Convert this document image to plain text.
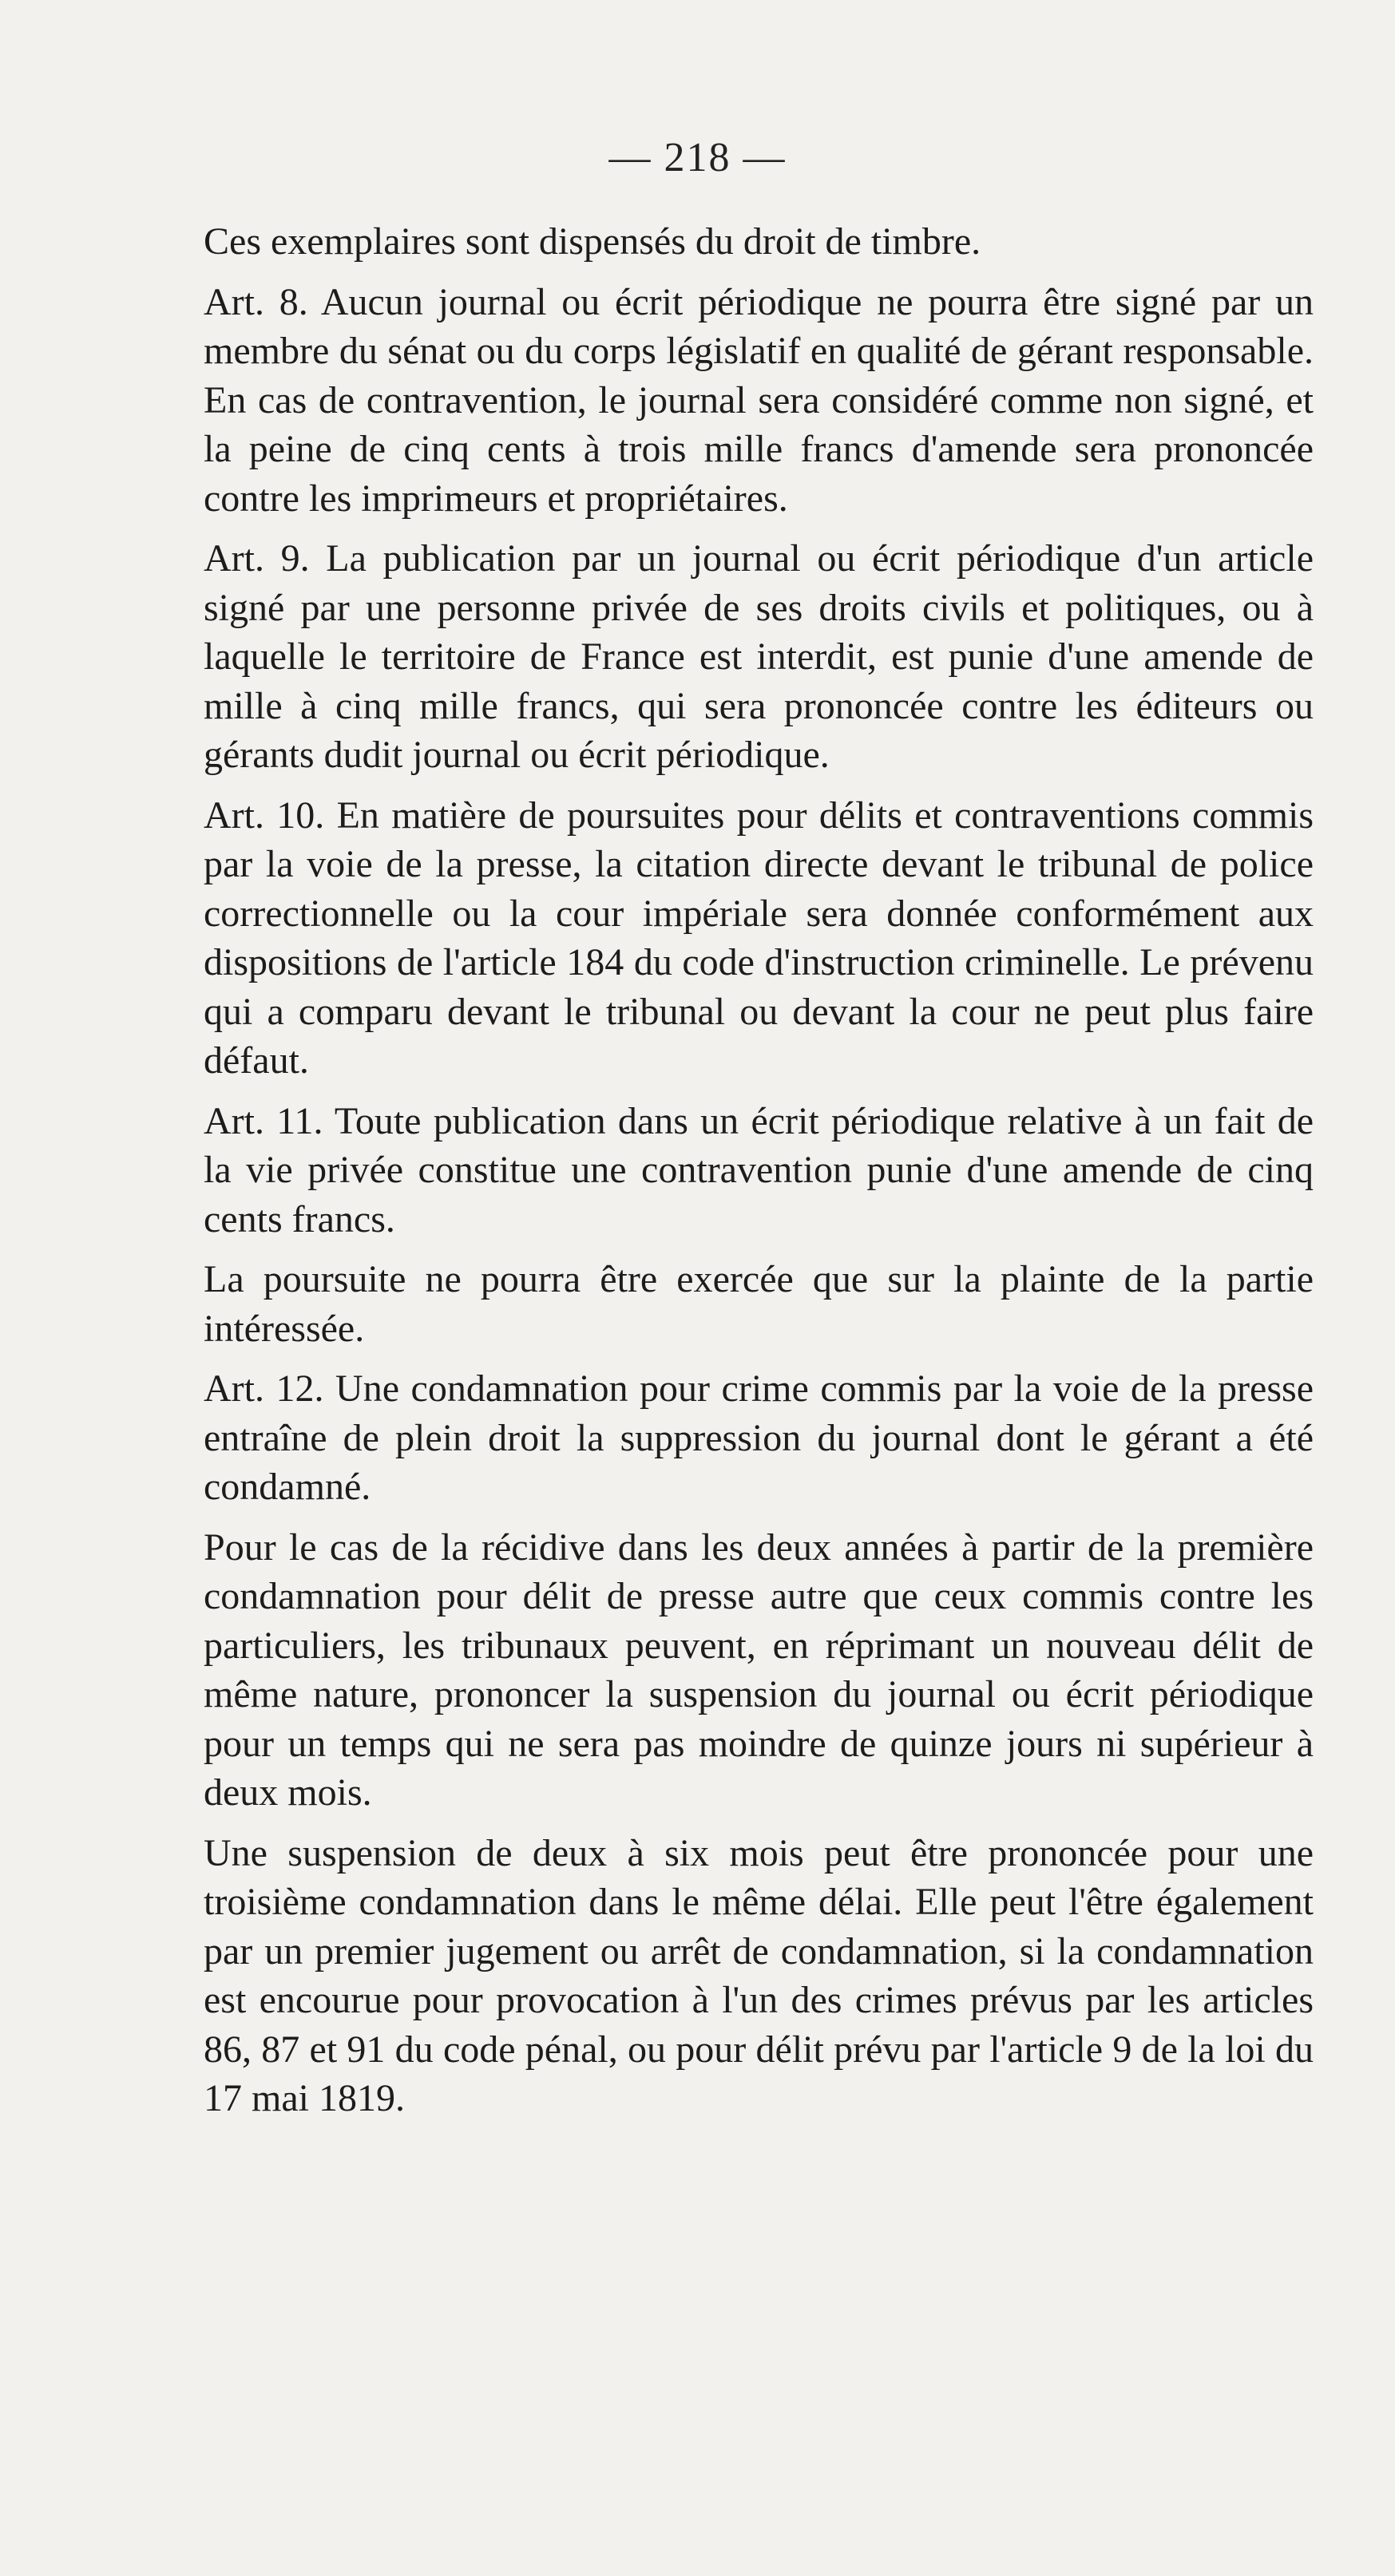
— 218 —

Ces exemplaires sont dispensés du droit de timbre.

Art. 8. Aucun journal ou écrit périodique ne pourra être signé par un membre du sénat ou du corps législatif en qualité de gérant responsable. En cas de contravention, le journal sera considéré comme non signé, et la peine de cinq cents à trois mille francs d'amende sera prononcée contre les imprimeurs et propriétaires.

Art. 9. La publication par un journal ou écrit périodique d'un article signé par une personne privée de ses droits civils et politiques, ou à laquelle le territoire de France est interdit, est punie d'une amende de mille à cinq mille francs, qui sera prononcée contre les éditeurs ou gérants dudit journal ou écrit périodique.

Art. 10. En matière de poursuites pour délits et contraventions commis par la voie de la presse, la citation directe devant le tribunal de police correctionnelle ou la cour impériale sera donnée conformément aux dispositions de l'article 184 du code d'instruction criminelle. Le prévenu qui a comparu devant le tribunal ou devant la cour ne peut plus faire défaut.

Art. 11. Toute publication dans un écrit périodique relative à un fait de la vie privée constitue une contravention punie d'une amende de cinq cents francs.

La poursuite ne pourra être exercée que sur la plainte de la partie intéressée.

Art. 12. Une condamnation pour crime commis par la voie de la presse entraîne de plein droit la suppression du journal dont le gérant a été condamné.

Pour le cas de la récidive dans les deux années à partir de la première condamnation pour délit de presse autre que ceux commis contre les particuliers, les tribunaux peuvent, en réprimant un nouveau délit de même nature, prononcer la suspension du journal ou écrit périodique pour un temps qui ne sera pas moindre de quinze jours ni supérieur à deux mois.

Une suspension de deux à six mois peut être prononcée pour une troisième condamnation dans le même délai. Elle peut l'être également par un premier jugement ou arrêt de condamnation, si la condamnation est encourue pour provocation à l'un des crimes prévus par les articles 86, 87 et 91 du code pénal, ou pour délit prévu par l'article 9 de la loi du 17 mai 1819.
